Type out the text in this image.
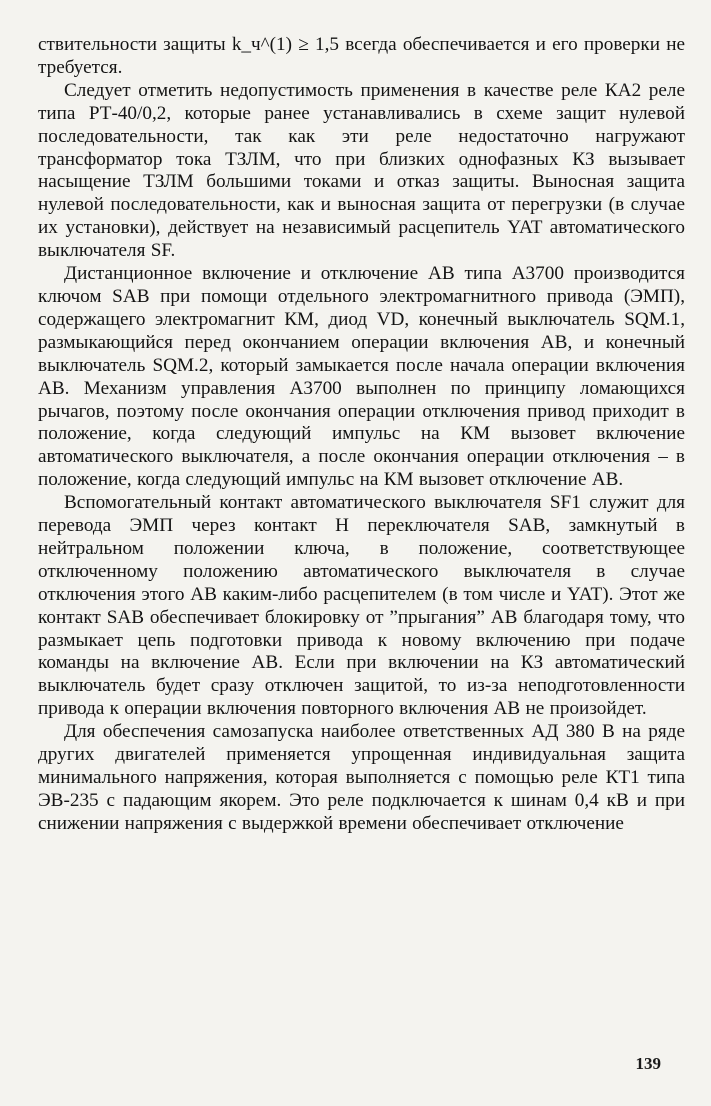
ствительности защиты k_ч^(1) ≥ 1,5 всегда обеспечивается и его проверки не требуется.

Следует отметить недопустимость применения в качестве реле КА2 реле типа РТ-40/0,2, которые ранее устанавливались в схеме защит нулевой последовательности, так как эти реле недостаточно нагружают трансформатор тока ТЗЛМ, что при близких однофазных КЗ вызывает насыщение ТЗЛМ большими токами и отказ защиты. Выносная защита нулевой последовательности, как и выносная защита от перегрузки (в случае их установки), действует на независимый расцепитель YAT автоматического выключателя SF.

Дистанционное включение и отключение АВ типа А3700 производится ключом SAB при помощи отдельного электромагнитного привода (ЭМП), содержащего электромагнит КМ, диод VD, конечный выключатель SQM.1, размыкающийся перед окончанием операции включения АВ, и конечный выключатель SQM.2, который замыкается после начала операции включения АВ. Механизм управления А3700 выполнен по принципу ломающихся рычагов, поэтому после окончания операции отключения привод приходит в положение, когда следующий импульс на КМ вызовет включение автоматического выключателя, а после окончания операции отключения – в положение, когда следующий импульс на КМ вызовет отключение АВ.

Вспомогательный контакт автоматического выключателя SF1 служит для перевода ЭМП через контакт Н переключателя SAB, замкнутый в нейтральном положении ключа, в положение, соответствующее отключенному положению автоматического выключателя в случае отключения этого АВ каким-либо расцепителем (в том числе и YAT). Этот же контакт SAB обеспечивает блокировку от ”прыгания” АВ благодаря тому, что размыкает цепь подготовки привода к новому включению при подаче команды на включение АВ. Если при включении на КЗ автоматический выключатель будет сразу отключен защитой, то из-за неподготовленности привода к операции включения повторного включения АВ не произойдет.

Для обеспечения самозапуска наиболее ответственных АД 380 В на ряде других двигателей применяется упрощенная индивидуальная защита минимального напряжения, которая выполняется с помощью реле КТ1 типа ЭВ-235 с падающим якорем. Это реле подключается к шинам 0,4 кВ и при снижении напряжения с выдержкой времени обеспечивает отключение

139
